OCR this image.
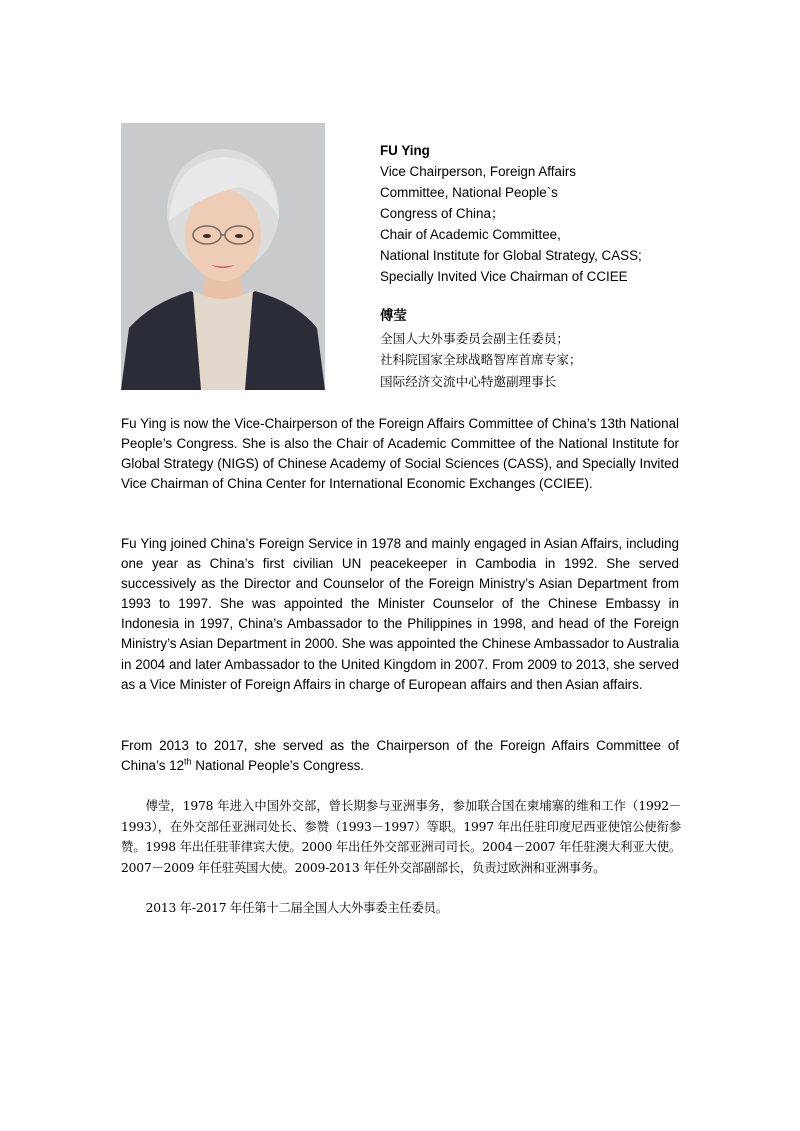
FU Ying
Vice Chairperson, Foreign Affairs
Committee, National People`s
Congress of China；
Chair of Academic Committee,
National Institute for Global Strategy, CASS;
Specially Invited Vice Chairman of CCIEE
傅莹
全国人大外事委员会副主任委员；
社科院国家全球战略智库首席专家；
国际经济交流中心特邀副理事长

Fu Ying is now the Vice-Chairperson of the Foreign Affairs Committee of China’s 13th National People’s Congress. She is also the Chair of Academic Committee of the National Institute for Global Strategy (NIGS) of Chinese Academy of Social Sciences (CASS), and Specially Invited Vice Chairman of China Center for International Economic Exchanges (CCIEE).

Fu Ying joined China’s Foreign Service in 1978 and mainly engaged in Asian Affairs, including one year as China’s first civilian UN peacekeeper in Cambodia in 1992. She served successively as the Director and Counselor of the Foreign Ministry’s Asian Department from 1993 to 1997. She was appointed the Minister Counselor of the Chinese Embassy in Indonesia in 1997, China’s Ambassador to the Philippines in 1998, and head of the Foreign Ministry’s Asian Department in 2000. She was appointed the Chinese Ambassador to Australia in 2004 and later Ambassador to the United Kingdom in 2007. From 2009 to 2013, she served as a Vice Minister of Foreign Affairs in charge of European affairs and then Asian affairs.

From 2013 to 2017, she served as the Chairperson of the Foreign Affairs Committee of China’s 12th National People’s Congress.

傅莹，1978 年进入中国外交部，曾长期参与亚洲事务，参加联合国在柬埔寨的维和工作（1992－1993），在外交部任亚洲司处长、参赞（1993－1997）等职。1997 年出任驻印度尼西亚使馆公使衔参赞。1998 年出任驻菲律宾大使。2000 年出任外交部亚洲司司长。2004－2007 年任驻澳大利亚大使。2007－2009 年任驻英国大使。2009-2013 年任外交部副部长，负责过欧洲和亚洲事务。

2013 年-2017 年任第十二届全国人大外事委主任委员。
